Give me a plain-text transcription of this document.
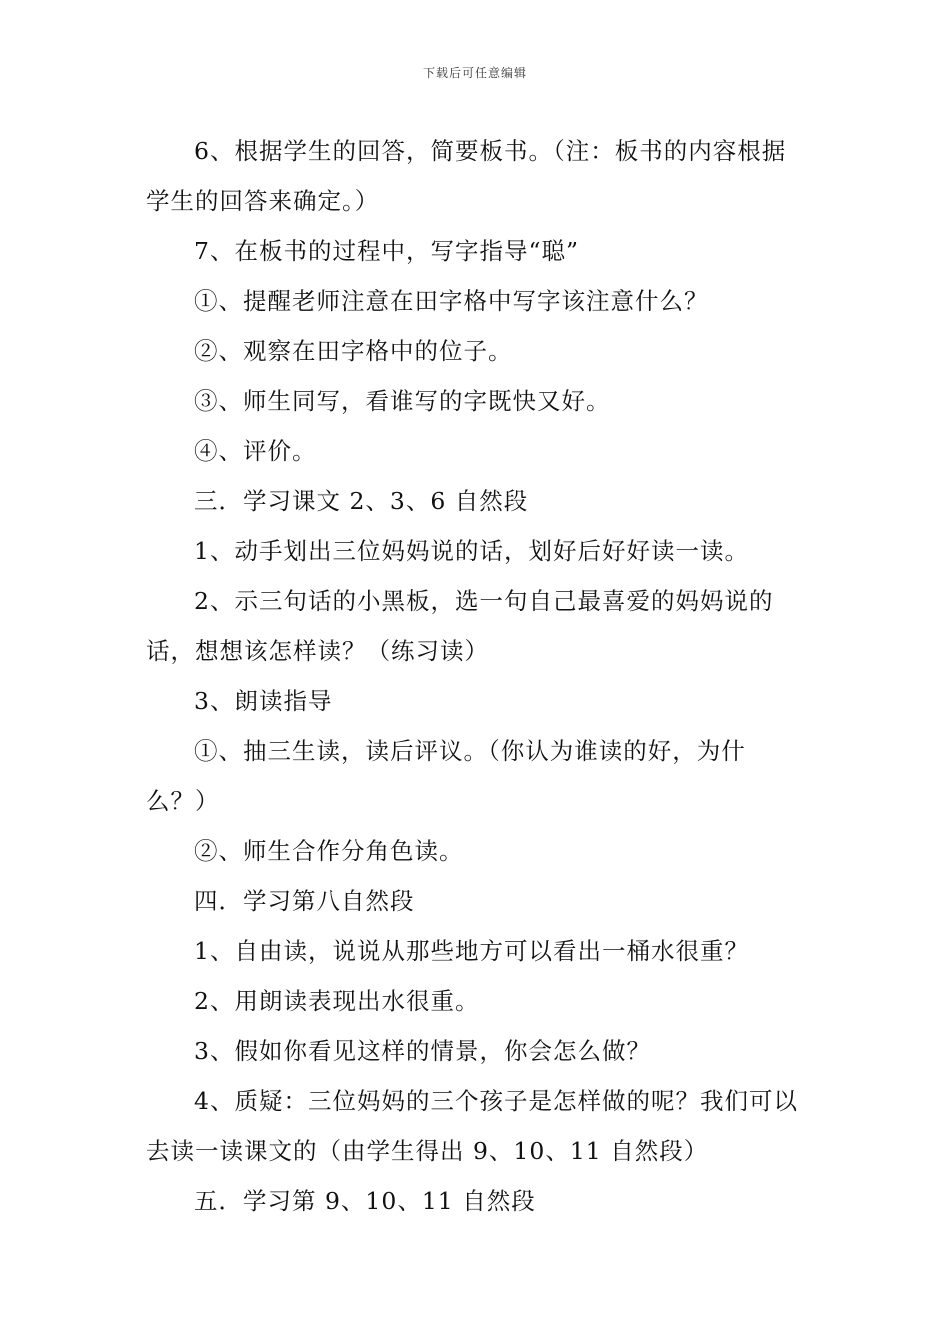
下载后可任意编辑

6、根据学生的回答，简要板书。（注：板书的内容根据学生的回答来确定。）

7、在板书的过程中，写字指导“聪”

①、提醒老师注意在田字格中写字该注意什么？

②、观察在田字格中的位子。

③、师生同写，看谁写的字既快又好。

④、评价。

三．学习课文 2、3、6 自然段

1、动手划出三位妈妈说的话，划好后好好读一读。

2、示三句话的小黑板，选一句自己最喜爱的妈妈说的话，想想该怎样读？（练习读）

3、朗读指导

①、抽三生读，读后评议。（你认为谁读的好，为什么？）

②、师生合作分角色读。

四．学习第八自然段

1、自由读，说说从那些地方可以看出一桶水很重？

2、用朗读表现出水很重。

3、假如你看见这样的情景，你会怎么做？

4、质疑：三位妈妈的三个孩子是怎样做的呢？我们可以去读一读课文的（由学生得出 9、10、11 自然段）

五．学习第 9、10、11 自然段
